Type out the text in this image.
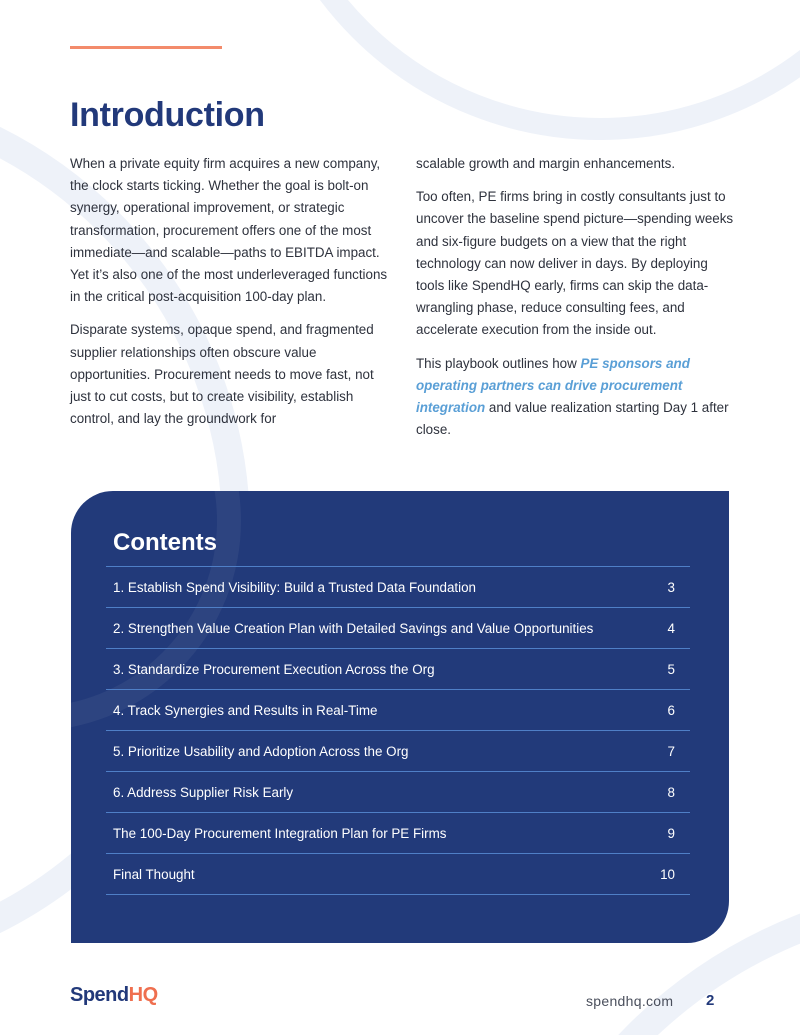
Introduction

When a private equity firm acquires a new company, the clock starts ticking. Whether the goal is bolt-on synergy, operational improvement, or strategic transformation, procurement offers one of the most immediate—and scalable—paths to EBITDA impact. Yet it’s also one of the most underleveraged functions in the critical post-acquisition 100-day plan.

Disparate systems, opaque spend, and fragmented supplier relationships often obscure value opportunities. Procurement needs to move fast, not just to cut costs, but to create visibility, establish control, and lay the groundwork for

scalable growth and margin enhancements.

Too often, PE firms bring in costly consultants just to uncover the baseline spend picture—spending weeks and six-figure budgets on a view that the right technology can now deliver in days. By deploying tools like SpendHQ early, firms can skip the data-wrangling phase, reduce consulting fees, and accelerate execution from the inside out.

This playbook outlines how PE sponsors and operating partners can drive procurement integration and value realization starting Day 1 after close.

Contents
1. Establish Spend Visibility: Build a Trusted Data Foundation	3
2. Strengthen Value Creation Plan with Detailed Savings and Value Opportunities	4
3. Standardize Procurement Execution Across the Org	5
4. Track Synergies and Results in Real-Time	6
5. Prioritize Usability and Adoption Across the Org	7
6. Address Supplier Risk Early	8
The 100-Day Procurement Integration Plan for PE Firms	9
Final Thought	10
SpendHQ	spendhq.com 2
